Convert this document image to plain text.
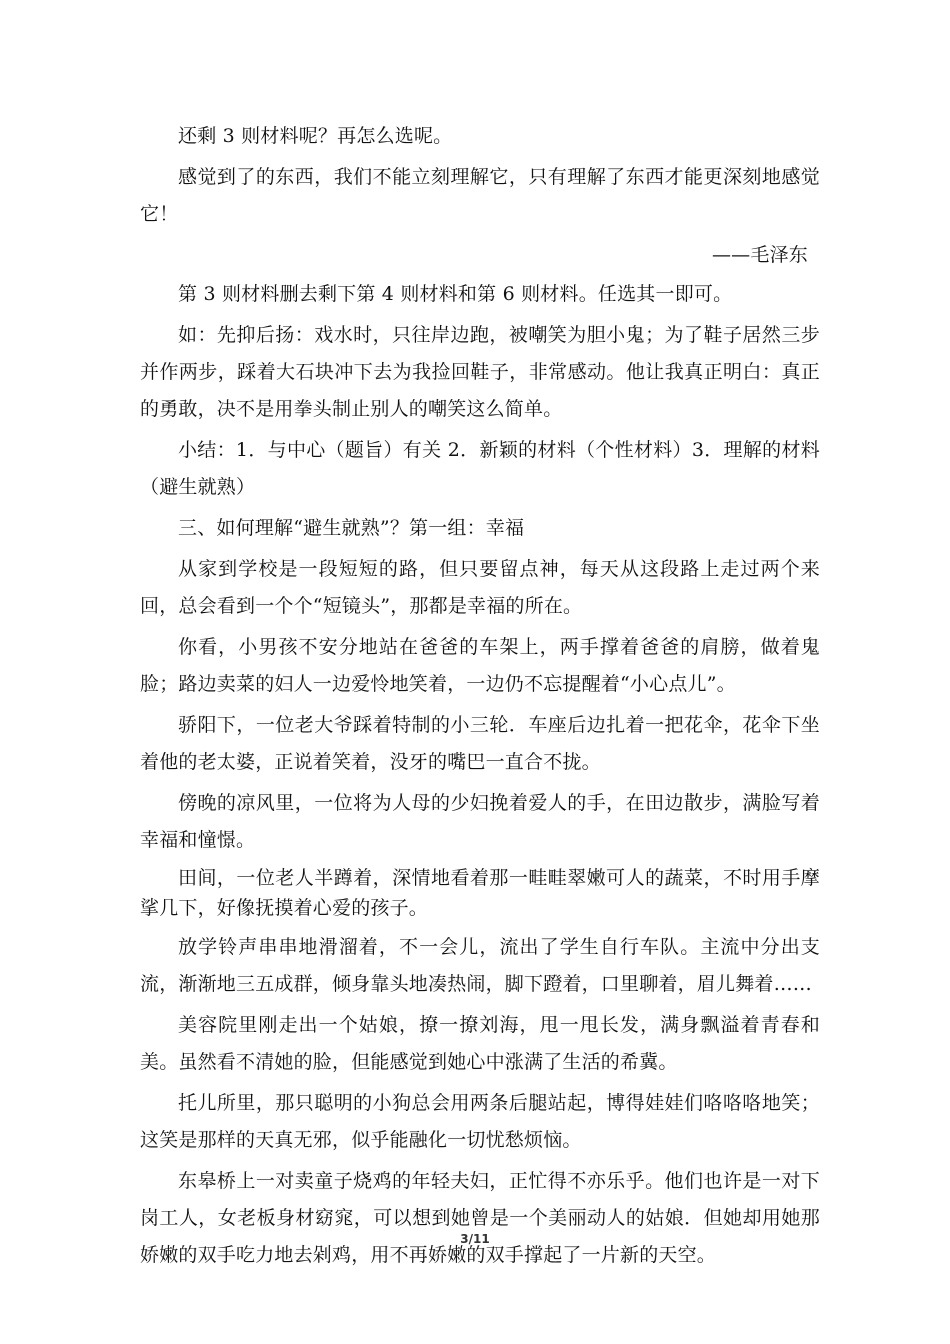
还剩 3 则材料呢？再怎么选呢。

感觉到了的东西，我们不能立刻理解它，只有理解了东西才能更深刻地感觉它！

——毛泽东

第 3 则材料删去剩下第 4 则材料和第 6 则材料。任选其一即可。

如：先抑后扬：戏水时，只往岸边跑，被嘲笑为胆小鬼；为了鞋子居然三步并作两步，踩着大石块冲下去为我捡回鞋子，非常感动。他让我真正明白：真正的勇敢，决不是用拳头制止别人的嘲笑这么简单。

小结：1．与中心（题旨）有关 2．新颖的材料（个性材料）3．理解的材料（避生就熟）

三、如何理解“避生就熟”？第一组：幸福

从家到学校是一段短短的路，但只要留点神，每天从这段路上走过两个来回，总会看到一个个“短镜头”，那都是幸福的所在。

你看，小男孩不安分地站在爸爸的车架上，两手撑着爸爸的肩膀，做着鬼脸；路边卖菜的妇人一边爱怜地笑着，一边仍不忘提醒着“小心点儿”。

骄阳下，一位老大爷踩着特制的小三轮．车座后边扎着一把花伞，花伞下坐着他的老太婆，正说着笑着，没牙的嘴巴一直合不拢。

傍晚的凉风里，一位将为人母的少妇挽着爱人的手，在田边散步，满脸写着幸福和憧憬。

田间，一位老人半蹲着，深情地看着那一畦畦翠嫩可人的蔬菜，不时用手摩挲几下，好像抚摸着心爱的孩子。

放学铃声串串地滑溜着，不一会儿，流出了学生自行车队。主流中分出支流，渐渐地三五成群，倾身靠头地凑热闹，脚下蹬着，口里聊着，眉儿舞着……

美容院里刚走出一个姑娘，撩一撩刘海，甩一甩长发，满身飘溢着青春和美。虽然看不清她的脸，但能感觉到她心中涨满了生活的希冀。

托儿所里，那只聪明的小狗总会用两条后腿站起，博得娃娃们咯咯咯地笑；这笑是那样的天真无邪，似乎能融化一切忧愁烦恼。

东皋桥上一对卖童子烧鸡的年轻夫妇，正忙得不亦乐乎。他们也许是一对下岗工人，女老板身材窈窕，可以想到她曾是一个美丽动人的姑娘．但她却用她那娇嫩的双手吃力地去剁鸡，用不再娇嫩的双手撑起了一片新的天空。

3/11
